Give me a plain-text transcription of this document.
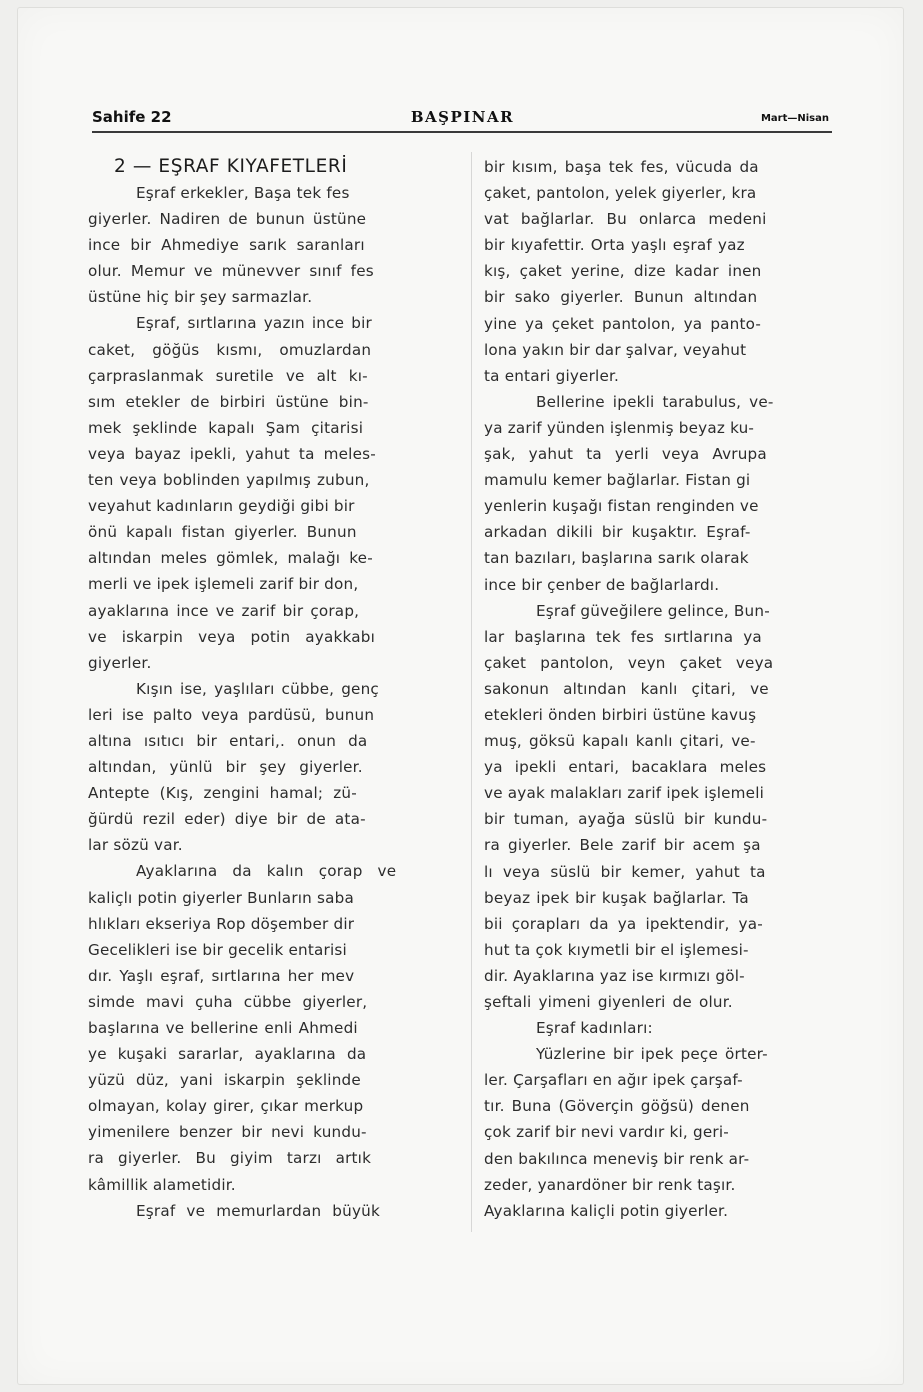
Sahife 22	BAŞPINAR	Mart—Nisan
2 — EŞRAF KIYAFETLERİ
Eşraf erkekler, Başa tek fes
giyerler. Nadiren de bunun üstüne
ince bir Ahmediye sarık saranları
olur. Memur ve münevver sınıf fes
üstüne hiç bir şey sarmazlar.
Eşraf, sırtlarına yazın ince bir
caket, göğüs kısmı, omuzlardan
çarpraslanmak suretile ve alt kı-
sım etekler de birbiri üstüne bin-
mek şeklinde kapalı Şam çitarisi
veya bayaz ipekli, yahut ta meles-
ten veya boblinden yapılmış zubun,
veyahut kadınların geydiği gibi bir
önü kapalı fistan giyerler. Bunun
altından meles gömlek, malağı ke-
merli ve ipek işlemeli zarif bir don,
ayaklarına ince ve zarif bir çorap,
ve iskarpin veya potin ayakkabı
giyerler.
Kışın ise, yaşlıları cübbe, genç
leri ise palto veya pardüsü, bunun
altına ısıtıcı bir entari,. onun da
altından, yünlü bir şey giyerler.
Antepte (Kış, zengini hamal; zü-
ğürdü rezil eder) diye bir de ata-
lar sözü var.
Ayaklarına da kalın çorap ve
kaliçlı potin giyerler Bunların saba
hlıkları ekseriya Rop döşember dir
Gecelikleri ise bir gecelik entarisi
dır. Yaşlı eşraf, sırtlarına her mev
simde mavi çuha cübbe giyerler,
başlarına ve bellerine enli Ahmedi
ye kuşaki sararlar, ayaklarına da
yüzü düz, yani iskarpin şeklinde
olmayan, kolay girer, çıkar merkup
yimenilere benzer bir nevi kundu-
ra giyerler. Bu giyim tarzı artık
kâmillik alametidir.
Eşraf ve memurlardan büyük
bir kısım, başa tek fes, vücuda da
çaket, pantolon, yelek giyerler, kra
vat bağlarlar. Bu onlarca medeni
bir kıyafettir. Orta yaşlı eşraf yaz
kış, çaket yerine, dize kadar inen
bir sako giyerler. Bunun altından
yine ya çeket pantolon, ya panto-
lona yakın bir dar şalvar, veyahut
ta entari giyerler.
Bellerine ipekli tarabulus, ve-
ya zarif yünden işlenmiş beyaz ku-
şak, yahut ta yerli veya Avrupa
mamulu kemer bağlarlar. Fistan gi
yenlerin kuşağı fistan renginden ve
arkadan dikili bir kuşaktır. Eşraf-
tan bazıları, başlarına sarık olarak
ince bir çenber de bağlarlardı.
Eşraf güveğilere gelince, Bun-
lar başlarına tek fes sırtlarına ya
çaket pantolon, veyn çaket veya
sakonun altından kanlı çitari, ve
etekleri önden birbiri üstüne kavuş
muş, göksü kapalı kanlı çitari, ve-
ya ipekli entari, bacaklara meles
ve ayak malakları zarif ipek işlemeli
bir tuman, ayağa süslü bir kundu-
ra giyerler. Bele zarif bir acem şa
lı veya süslü bir kemer, yahut ta
beyaz ipek bir kuşak bağlarlar. Ta
bii çorapları da ya ipektendir, ya-
hut ta çok kıymetli bir el işlemesi-
dir. Ayaklarına yaz ise kırmızı göl-
şeftali yimeni giyenleri de olur.
Eşraf kadınları:
Yüzlerine bir ipek peçe örter-
ler. Çarşafları en ağır ipek çarşaf-
tır. Buna (Göverçin göğsü) denen
çok zarif bir nevi vardır ki, geri-
den bakılınca meneviş bir renk ar-
zeder, yanardöner bir renk taşır.
Ayaklarına kaliçli potin giyerler.
